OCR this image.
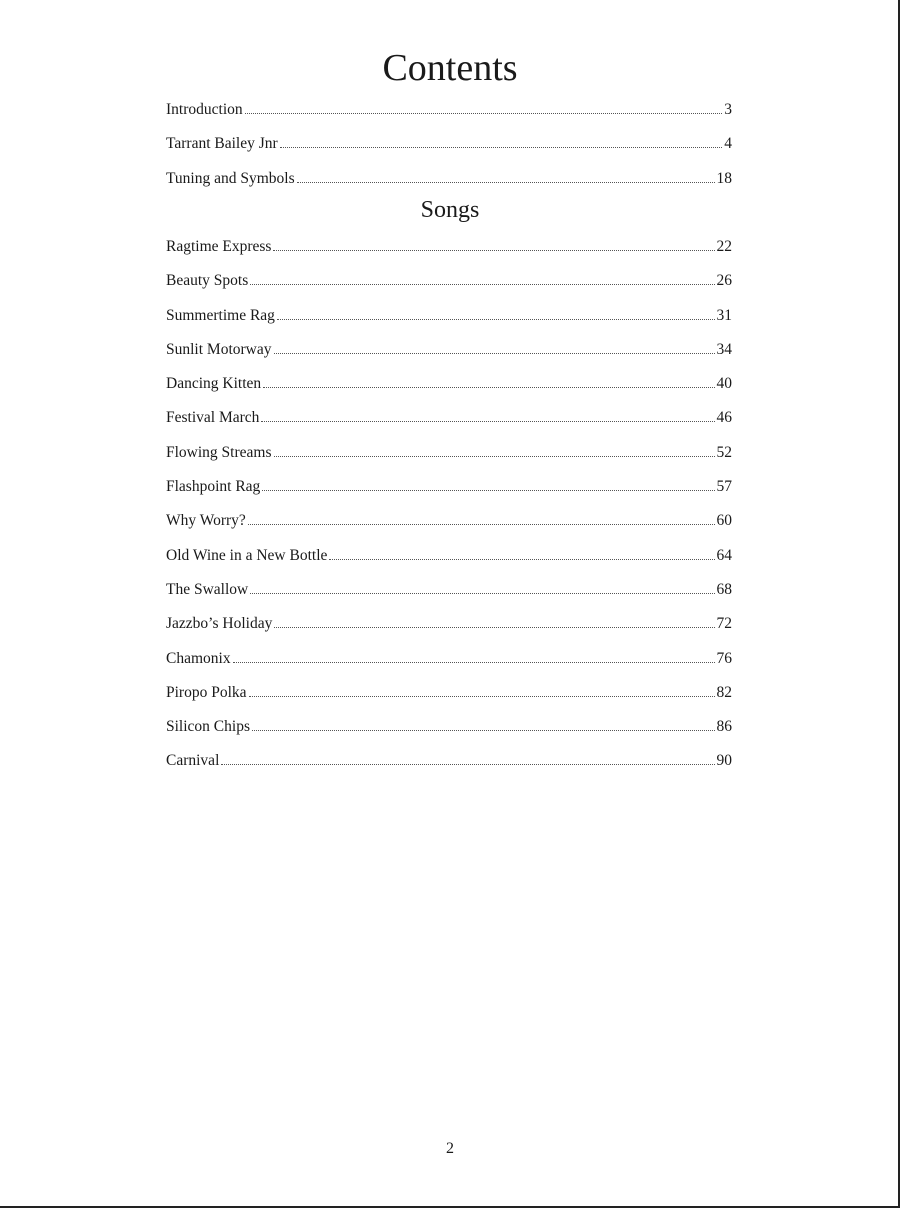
Contents
Introduction	3
Tarrant Bailey Jnr	4
Tuning and Symbols	18
Songs
Ragtime Express	22
Beauty Spots	26
Summertime Rag	31
Sunlit Motorway	34
Dancing Kitten	40
Festival March	46
Flowing Streams	52
Flashpoint Rag	57
Why Worry?	60
Old Wine in a New Bottle	64
The Swallow	68
Jazzbo’s Holiday	72
Chamonix	76
Piropo Polka	82
Silicon Chips	86
Carnival	90
2
